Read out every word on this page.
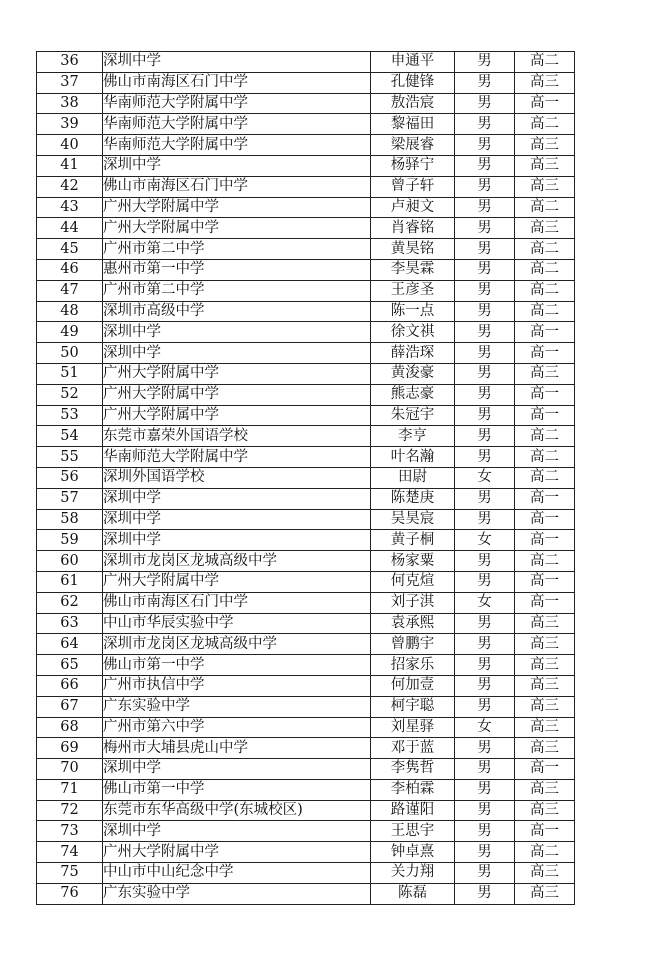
36	深圳中学	申通平	男	高二
37	佛山市南海区石门中学	孔健锋	男	高三
38	华南师范大学附属中学	敖浩宸	男	高一
39	华南师范大学附属中学	黎福田	男	高二
40	华南师范大学附属中学	梁展睿	男	高三
41	深圳中学	杨驿宁	男	高三
42	佛山市南海区石门中学	曾子轩	男	高三
43	广州大学附属中学	卢昶文	男	高二
44	广州大学附属中学	肖睿铭	男	高三
45	广州市第二中学	黄昊铭	男	高二
46	惠州市第一中学	李昊霖	男	高二
47	广州市第二中学	王彦圣	男	高二
48	深圳市高级中学	陈一点	男	高二
49	深圳中学	徐文祺	男	高一
50	深圳中学	薛浩琛	男	高一
51	广州大学附属中学	黄浚豪	男	高三
52	广州大学附属中学	熊志豪	男	高一
53	广州大学附属中学	朱冠宇	男	高一
54	东莞市嘉荣外国语学校	李亨	男	高二
55	华南师范大学附属中学	叶名瀚	男	高二
56	深圳外国语学校	田尉	女	高二
57	深圳中学	陈楚庚	男	高一
58	深圳中学	吴昊宸	男	高一
59	深圳中学	黄子桐	女	高一
60	深圳市龙岗区龙城高级中学	杨家粟	男	高二
61	广州大学附属中学	何克煊	男	高一
62	佛山市南海区石门中学	刘子淇	女	高一
63	中山市华辰实验中学	袁承熙	男	高三
64	深圳市龙岗区龙城高级中学	曾鹏宇	男	高三
65	佛山市第一中学	招家乐	男	高三
66	广州市执信中学	何加壹	男	高三
67	广东实验中学	柯宇聪	男	高三
68	广州市第六中学	刘星驿	女	高三
69	梅州市大埔县虎山中学	邓于蓝	男	高三
70	深圳中学	李隽哲	男	高一
71	佛山市第一中学	李柏霖	男	高三
72	东莞市东华高级中学(东城校区)	路谨阳	男	高三
73	深圳中学	王思宇	男	高一
74	广州大学附属中学	钟卓熹	男	高二
75	中山市中山纪念中学	关力翔	男	高三
76	广东实验中学	陈磊	男	高三
